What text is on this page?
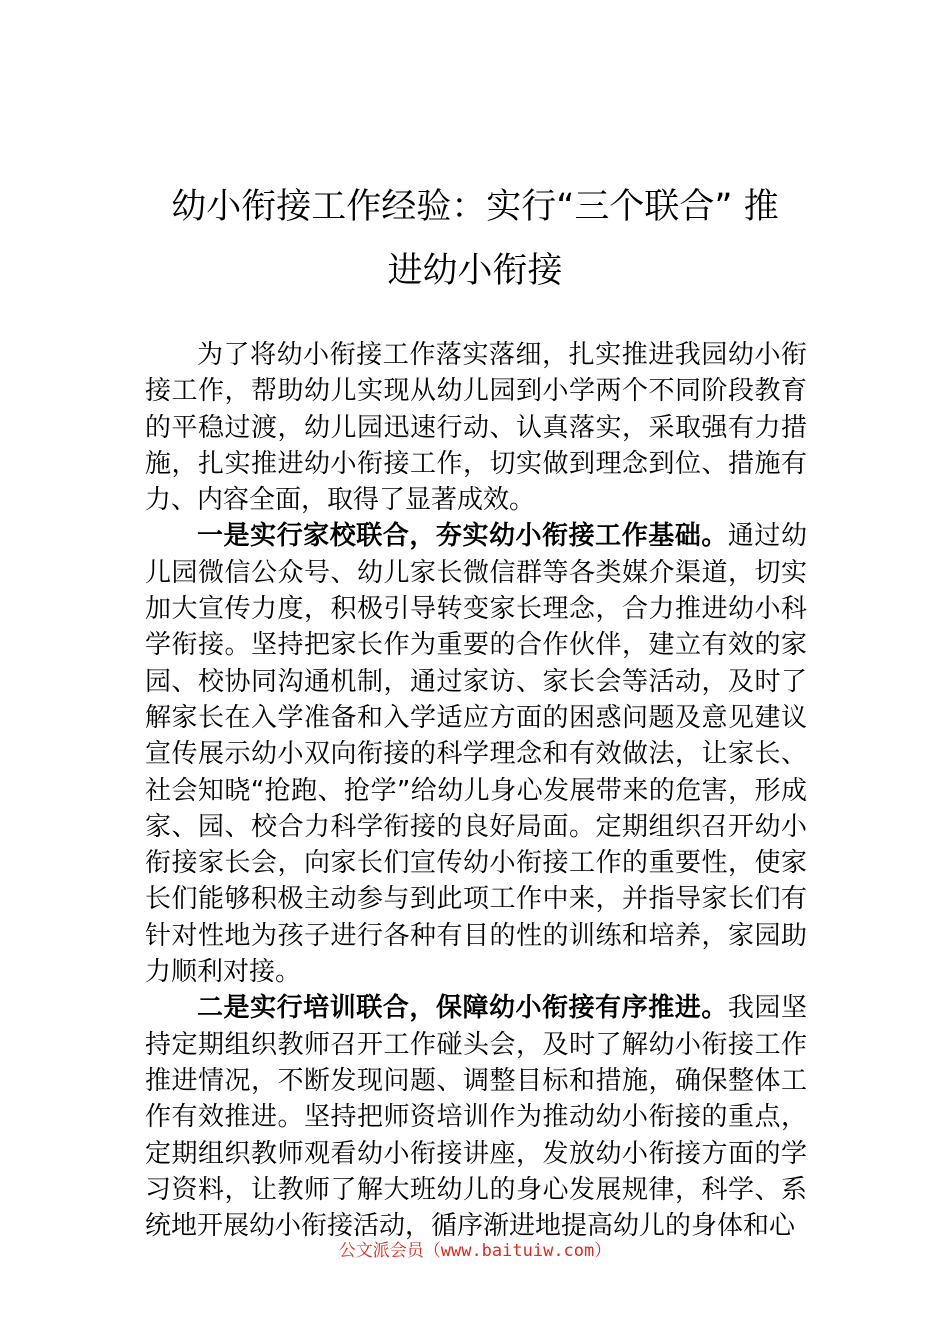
幼小衔接工作经验：实行“三个联合” 推
进幼小衔接

为了将幼小衔接工作落实落细，扎实推进我园幼小衔接工作，帮助幼儿实现从幼儿园到小学两个不同阶段教育的平稳过渡，幼儿园迅速行动、认真落实，采取强有力措施，扎实推进幼小衔接工作，切实做到理念到位、措施有力、内容全面，取得了显著成效。

一是实行家校联合，夯实幼小衔接工作基础。通过幼儿园微信公众号、幼儿家长微信群等各类媒介渠道，切实加大宣传力度，积极引导转变家长理念，合力推进幼小科学衔接。坚持把家长作为重要的合作伙伴，建立有效的家园、校协同沟通机制，通过家访、家长会等活动，及时了解家长在入学准备和入学适应方面的困惑问题及意见建议宣传展示幼小双向衔接的科学理念和有效做法，让家长、社会知晓“抢跑、抢学”给幼儿身心发展带来的危害，形成家、园、校合力科学衔接的良好局面。定期组织召开幼小衔接家长会，向家长们宣传幼小衔接工作的重要性，使家长们能够积极主动参与到此项工作中来，并指导家长们有针对性地为孩子进行各种有目的性的训练和培养，家园助力顺利对接。

二是实行培训联合，保障幼小衔接有序推进。我园坚持定期组织教师召开工作碰头会，及时了解幼小衔接工作推进情况，不断发现问题、调整目标和措施，确保整体工作有效推进。坚持把师资培训作为推动幼小衔接的重点，定期组织教师观看幼小衔接讲座，发放幼小衔接方面的学习资料，让教师了解大班幼儿的身心发展规律，科学、系统地开展幼小衔接活动，循序渐进地提高幼儿的身体和心

公文派会员（www.baituiw.com）
